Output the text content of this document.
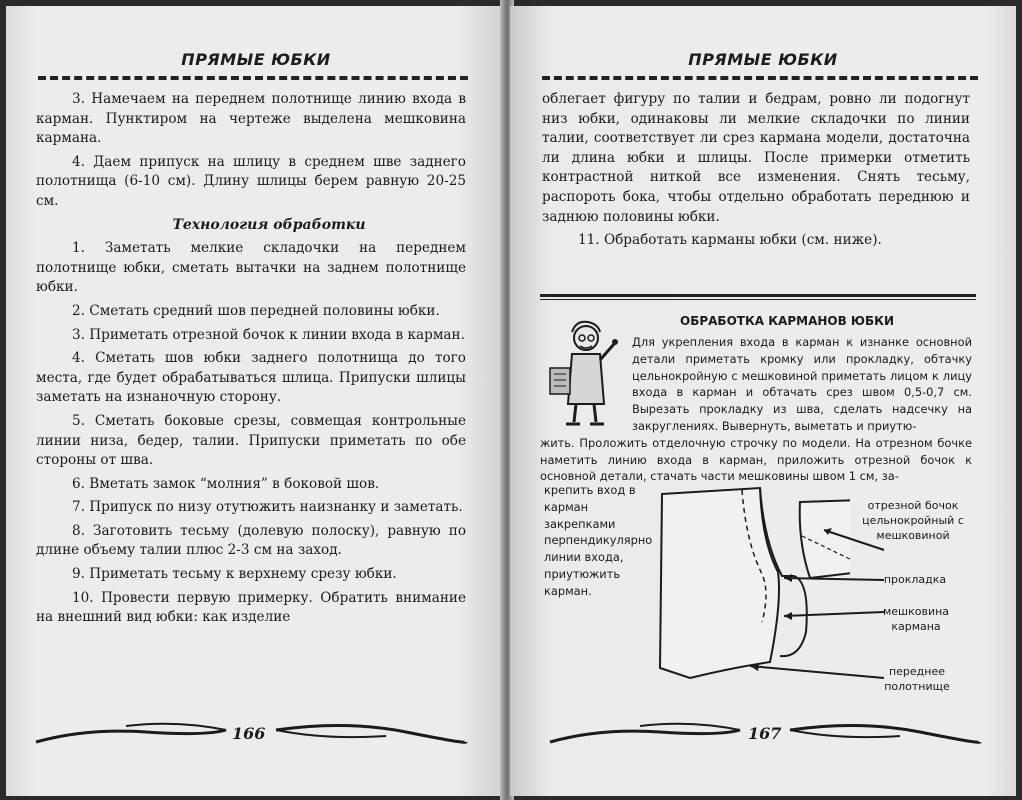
ПРЯМЫЕ ЮБКИ

3. Намечаем на переднем полотнище линию входа в карман. Пунктиром на чертеже выделена мешковина кармана.

4. Даем припуск на шлицу в среднем шве заднего полотнища (6-10 см). Длину шлицы берем равную 20-25 см.

Технология обработки

1. Заметать мелкие складочки на переднем полотнище юбки, сметать вытачки на заднем полотнище юбки.

2. Сметать средний шов передней половины юбки.

3. Приметать отрезной бочок к линии входа в карман.

4. Сметать шов юбки заднего полотнища до того места, где будет обрабатываться шлица. Припуски шлицы заметать на изнаночную сторону.

5. Сметать боковые срезы, совмещая контрольные линии низа, бедер, талии. Припуски приметать по обе стороны от шва.

6. Вметать замок “молния” в боковой шов.

7. Припуск по низу отутюжить наизнанку и заметать.

8. Заготовить тесьму (долевую полоску), равную по длине объему талии плюс 2-3 см на заход.

9. Приметать тесьму к верхнему срезу юбки.

10. Провести первую примерку. Обратить внимание на внешний вид юбки: как изделие

166
ПРЯМЫЕ ЮБКИ

облегает фигуру по талии и бедрам, ровно ли подогнут низ юбки, одинаковы ли мелкие складочки по линии талии, соответствует ли срез кармана модели, достаточна ли длина юбки и шлицы. После примерки отметить контрастной ниткой все изменения. Снять тесьму, распороть бока, чтобы отдельно обработать переднюю и заднюю половины юбки.

11. Обработать карманы юбки (см. ниже).

ОБРАБОТКА КАРМАНОВ ЮБКИ
Для укрепления входа в карман к изнанке основной детали приметать кромку или прокладку, обтачку цельнокройную с мешковиной приметать лицом к лицу входа в карман и обтачать срез швом 0,5-0,7 см. Вырезать прокладку из шва, сделать надсечку на закруглениях. Вывернуть, выметать и приутю-
жить. Проложить отделочную строчку по модели. На отрезном бочке наметить линию входа в карман, приложить отрезной бочок к основной детали, стачать части мешковины швом 1 см, за-
крепить вход в карман закрепками перпендикулярно линии входа, приутюжить карман.
отрезной бочок цельнокройный с мешковиной
прокладка
мешковина кармана
переднее полотнище
167
